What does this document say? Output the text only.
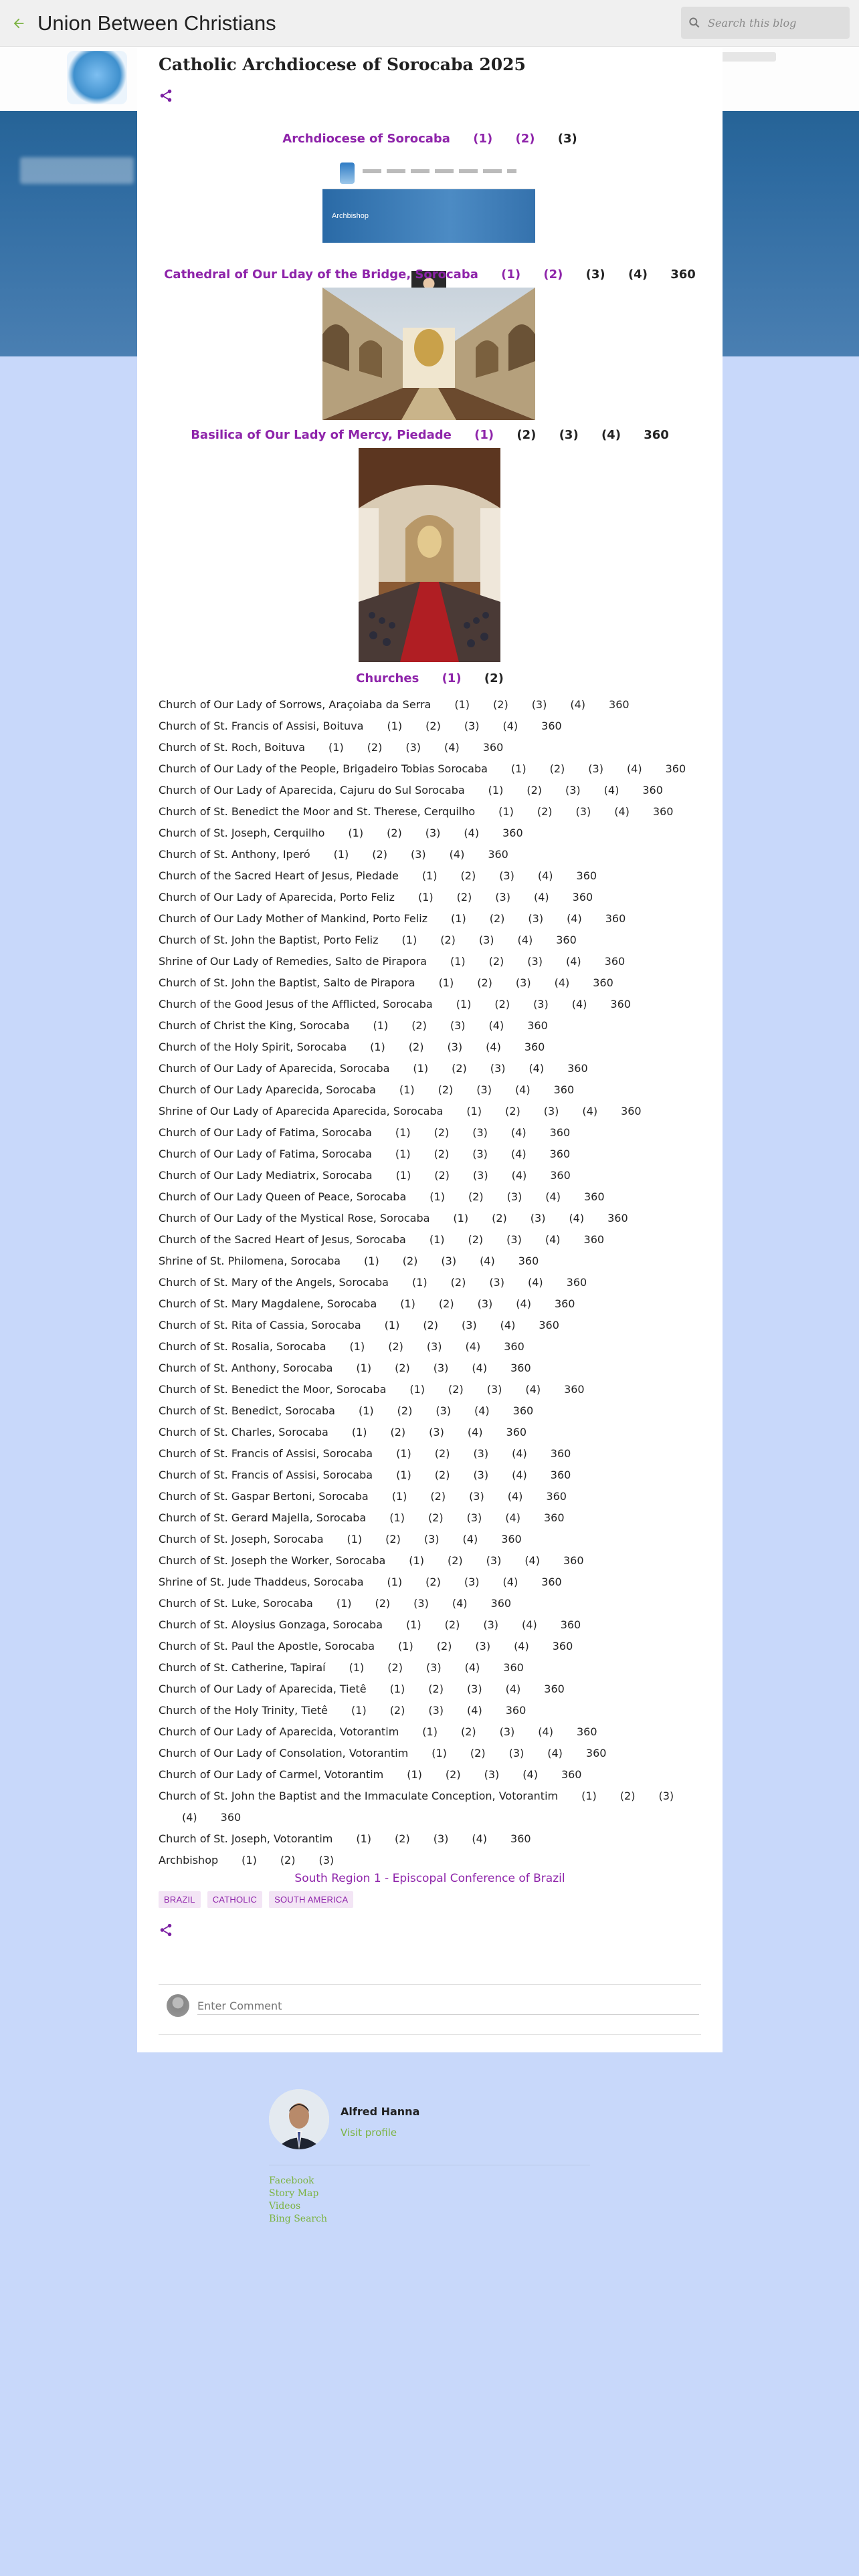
Union Between Christians
Search this blog
Catholic Archdiocese of Sorocaba 2025
Archdiocese of Sorocaba (1) (2) (3)
Archbishop
Cathedral of Our Lday of the Bridge, Sorocaba (1) (2) (3) (4) 360
Basilica of Our Lady of Mercy, Piedade (1) (2) (3) (4) 360
Churches (1) (2)
Church of Our Lady of Sorrows, Araçoiaba da Serra (1) (2) (3) (4) 360
Church of St. Francis of Assisi, Boituva (1) (2) (3) (4) 360
Church of St. Roch, Boituva (1) (2) (3) (4) 360
Church of Our Lady of the People, Brigadeiro Tobias Sorocaba (1) (2) (3) (4) 360
Church of Our Lady of Aparecida, Cajuru do Sul Sorocaba (1) (2) (3) (4) 360
Church of St. Benedict the Moor and St. Therese, Cerquilho (1) (2) (3) (4) 360
Church of St. Joseph, Cerquilho (1) (2) (3) (4) 360
Church of St. Anthony, Iperó (1) (2) (3) (4) 360
Church of the Sacred Heart of Jesus, Piedade (1) (2) (3) (4) 360
Church of Our Lady of Aparecida, Porto Feliz (1) (2) (3) (4) 360
Church of Our Lady Mother of Mankind, Porto Feliz (1) (2) (3) (4) 360
Church of St. John the Baptist, Porto Feliz (1) (2) (3) (4) 360
Shrine of Our Lady of Remedies, Salto de Pirapora (1) (2) (3) (4) 360
Church of St. John the Baptist, Salto de Pirapora (1) (2) (3) (4) 360
Church of the Good Jesus of the Afflicted, Sorocaba (1) (2) (3) (4) 360
Church of Christ the King, Sorocaba (1) (2) (3) (4) 360
Church of the Holy Spirit, Sorocaba (1) (2) (3) (4) 360
Church of Our Lady of Aparecida, Sorocaba (1) (2) (3) (4) 360
Church of Our Lady Aparecida, Sorocaba (1) (2) (3) (4) 360
Shrine of Our Lady of Aparecida Aparecida, Sorocaba (1) (2) (3) (4) 360
Church of Our Lady of Fatima, Sorocaba (1) (2) (3) (4) 360
Church of Our Lady of Fatima, Sorocaba (1) (2) (3) (4) 360
Church of Our Lady Mediatrix, Sorocaba (1) (2) (3) (4) 360
Church of Our Lady Queen of Peace, Sorocaba (1) (2) (3) (4) 360
Church of Our Lady of the Mystical Rose, Sorocaba (1) (2) (3) (4) 360
Church of the Sacred Heart of Jesus, Sorocaba (1) (2) (3) (4) 360
Shrine of St. Philomena, Sorocaba (1) (2) (3) (4) 360
Church of St. Mary of the Angels, Sorocaba (1) (2) (3) (4) 360
Church of St. Mary Magdalene, Sorocaba (1) (2) (3) (4) 360
Church of St. Rita of Cassia, Sorocaba (1) (2) (3) (4) 360
Church of St. Rosalia, Sorocaba (1) (2) (3) (4) 360
Church of St. Anthony, Sorocaba (1) (2) (3) (4) 360
Church of St. Benedict the Moor, Sorocaba (1) (2) (3) (4) 360
Church of St. Benedict, Sorocaba (1) (2) (3) (4) 360
Church of St. Charles, Sorocaba (1) (2) (3) (4) 360
Church of St. Francis of Assisi, Sorocaba (1) (2) (3) (4) 360
Church of St. Francis of Assisi, Sorocaba (1) (2) (3) (4) 360
Church of St. Gaspar Bertoni, Sorocaba (1) (2) (3) (4) 360
Church of St. Gerard Majella, Sorocaba (1) (2) (3) (4) 360
Church of St. Joseph, Sorocaba (1) (2) (3) (4) 360
Church of St. Joseph the Worker, Sorocaba (1) (2) (3) (4) 360
Shrine of St. Jude Thaddeus, Sorocaba (1) (2) (3) (4) 360
Church of St. Luke, Sorocaba (1) (2) (3) (4) 360
Church of St. Aloysius Gonzaga, Sorocaba (1) (2) (3) (4) 360
Church of St. Paul the Apostle, Sorocaba (1) (2) (3) (4) 360
Church of St. Catherine, Tapiraí (1) (2) (3) (4) 360
Church of Our Lady of Aparecida, Tietê (1) (2) (3) (4) 360
Church of the Holy Trinity, Tietê (1) (2) (3) (4) 360
Church of Our Lady of Aparecida, Votorantim (1) (2) (3) (4) 360
Church of Our Lady of Consolation, Votorantim (1) (2) (3) (4) 360
Church of Our Lady of Carmel, Votorantim (1) (2) (3) (4) 360
Church of St. John the Baptist and the Immaculate Conception, Votorantim (1) (2) (3)(4) 360
Church of St. Joseph, Votorantim (1) (2) (3) (4) 360
Archbishop (1) (2) (3)
South Region 1 - Episcopal Conference of Brazil
BRAZIL	CATHOLIC	SOUTH AMERICA
Enter Comment
Alfred Hanna
Visit profile
Facebook
Story Map
Videos
Bing Search
